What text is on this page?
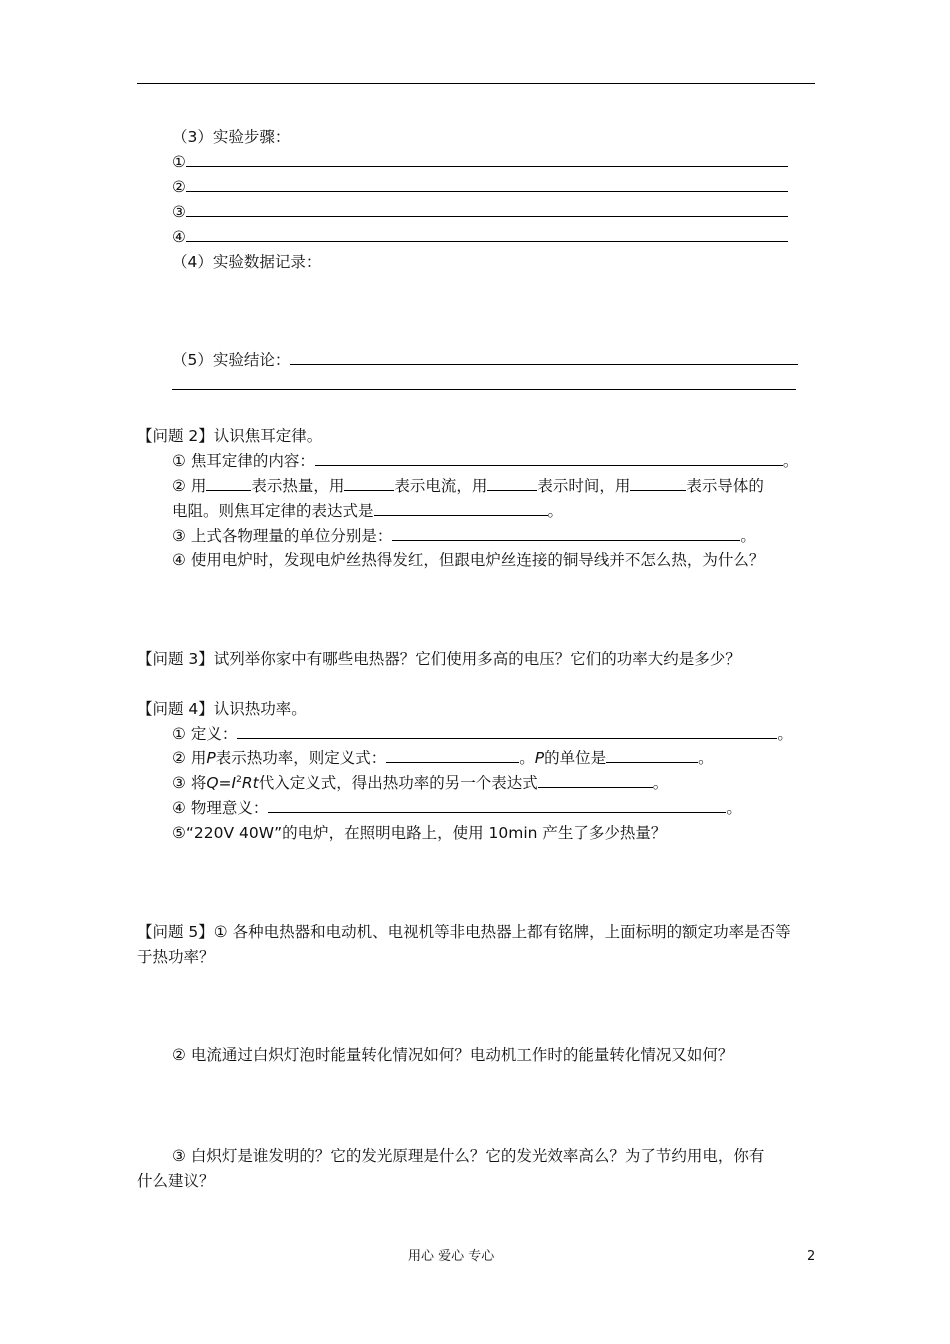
（3）实验步骤：
①
②
③
④
（4）实验数据记录：
（5）实验结论：
【问题 2】认识焦耳定律。
① 焦耳定律的内容：	。
② 用	表示热量，用	表示电流，用	表示时间，用	表示导体的
电阻。则焦耳定律的表达式是	。
③ 上式各物理量的单位分别是：	。
④ 使用电炉时，发现电炉丝热得发红，但跟电炉丝连接的铜导线并不怎么热，为什么？
【问题 3】试列举你家中有哪些电热器？它们使用多高的电压？它们的功率大约是多少？
【问题 4】认识热功率。
① 定义：	。
② 用P表示热功率，则定义式：	。P的单位是	。
③ 将$Q=I^2Rt$代入定义式，得出热功率的另一个表达式	。
④ 物理意义：	。
⑤“220V 40W”的电炉，在照明电路上，使用 10min 产生了多少热量？
【问题 5】① 各种电热器和电动机、电视机等非电热器上都有铭牌，上面标明的额定功率是否等
于热功率？
② 电流通过白炽灯泡时能量转化情况如何？电动机工作时的能量转化情况又如何？
③ 白炽灯是谁发明的？它的发光原理是什么？它的发光效率高么？为了节约用电，你有
什么建议？
用心 爱心 专心	2
